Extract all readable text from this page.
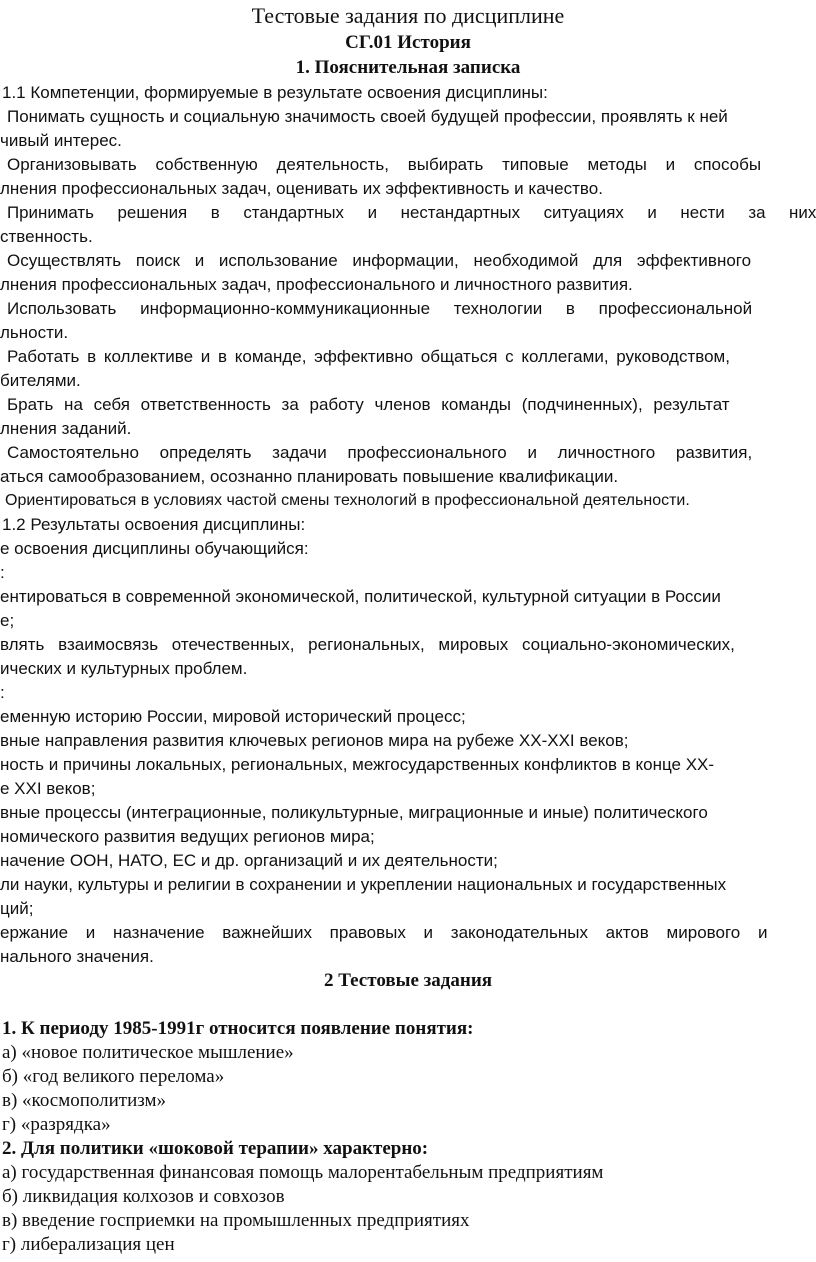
Тестовые задания по дисциплине
СГ.01 История
1. Пояснительная записка
1.1 Компетенции, формируемые в результате освоения дисциплины:
Понимать сущность и социальную значимость своей будущей профессии, проявлять к ней
чивый интерес.
Организовывать собственную деятельность, выбирать типовые методы и способы
лнения профессиональных задач, оценивать их эффективность и качество.
Принимать решения в стандартных и нестандартных ситуациях и нести за них
ственность.
Осуществлять поиск и использование информации, необходимой для эффективного
лнения профессиональных задач, профессионального и личностного развития.
Использовать информационно-коммуникационные технологии в профессиональной
льности.
Работать в коллективе и в команде, эффективно общаться с коллегами, руководством,
бителями.
Брать на себя ответственность за работу членов команды (подчиненных), результат
лнения заданий.
Самостоятельно определять задачи профессионального и личностного развития,
аться самообразованием, осознанно планировать повышение квалификации.
Ориентироваться в условиях частой смены технологий в профессиональной деятельности.
1.2 Результаты освоения дисциплины:
е освоения дисциплины обучающийся:
:
ентироваться в современной экономической, политической, культурной ситуации в России
е;
влять взаимосвязь отечественных, региональных, мировых социально-экономических,
ических и культурных проблем.
:
еменную историю России, мировой исторический процесс;
вные направления развития ключевых регионов мира на рубеже XX-XXI веков;
ность и причины локальных, региональных, межгосударственных конфликтов в конце XX-
е XXI веков;
вные процессы (интеграционные, поликультурные, миграционные и иные) политического
номического развития ведущих регионов мира;
начение ООН, НАТО, ЕС и др. организаций и их деятельности;
ли науки, культуры и религии в сохранении и укреплении национальных и государственных
ций;
ержание и назначение важнейших правовых и законодательных актов мирового и
нального значения.
2 Тестовые задания
1. К периоду 1985-1991г относится появление понятия:
а) «новое политическое мышление»
б) «год великого перелома»
в) «космополитизм»
г) «разрядка»
2. Для политики «шоковой терапии» характерно:
а) государственная финансовая помощь малорентабельным предприятиям
б) ликвидация колхозов и совхозов
в) введение госприемки на промышленных предприятиях
г) либерализация цен
